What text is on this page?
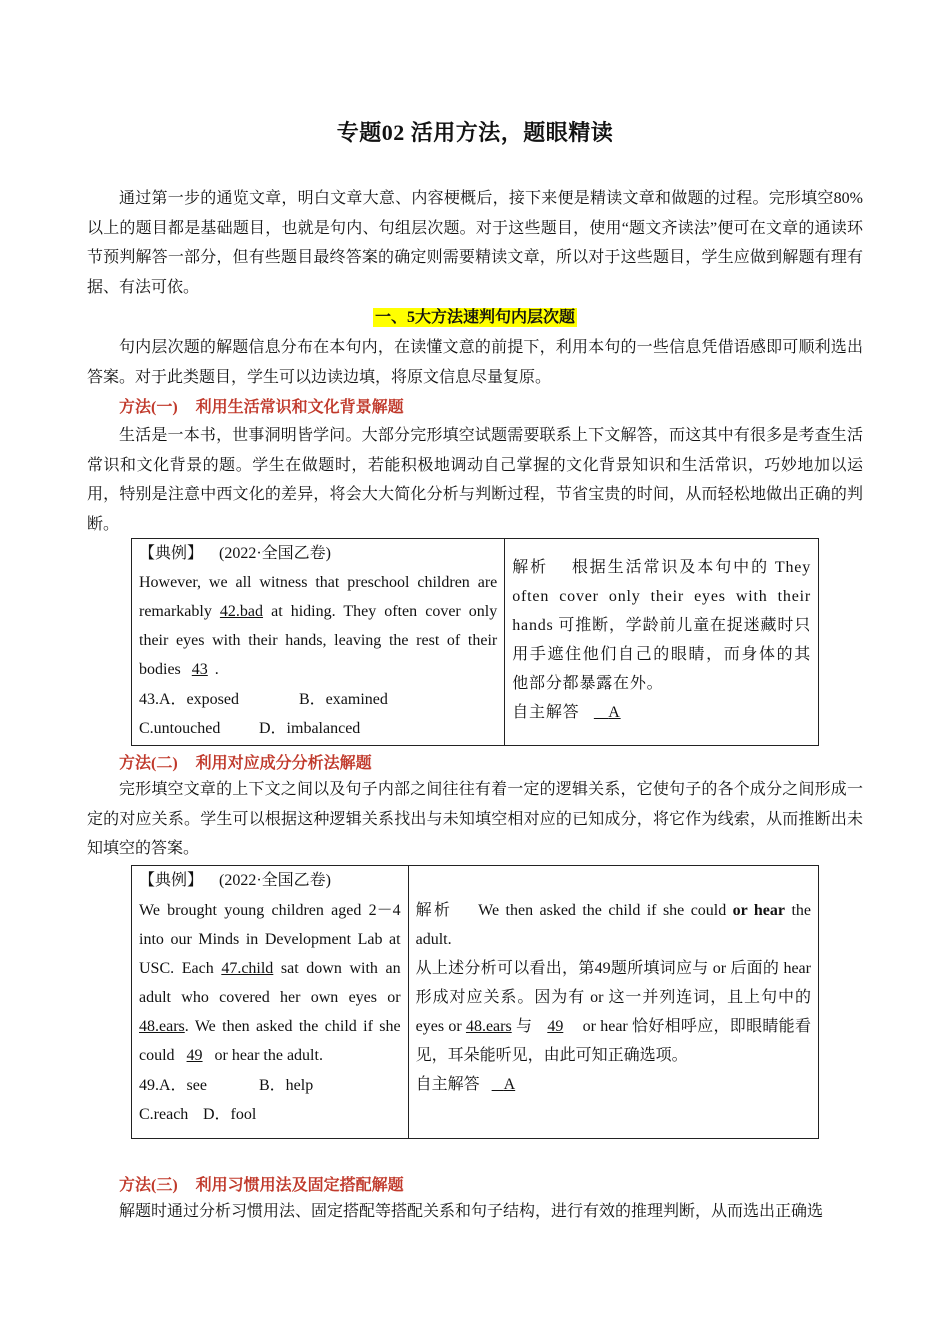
专题02 活用方法，题眼精读

通过第一步的通览文章，明白文章大意、内容梗概后，接下来便是精读文章和做题的过程。完形填空80%以上的题目都是基础题目，也就是句内、句组层次题。对于这些题目，使用“题文齐读法”便可在文章的通读环节预判解答一部分，但有些题目最终答案的确定则需要精读文章，所以对于这些题目，学生应做到解题有理有据、有法可依。

一、5大方法速判句内层次题

句内层次题的解题信息分布在本句内，在读懂文意的前提下，利用本句的一些信息凭借语感即可顺利选出答案。对于此类题目，学生可以边读边填，将原文信息尽量复原。

方法(一) 利用生活常识和文化背景解题

生活是一本书，世事洞明皆学问。大部分完形填空试题需要联系上下文解答，而这其中有很多是考查生活常识和文化背景的题。学生在做题时，若能积极地调动自己掌握的文化背景知识和生活常识，巧妙地加以运用，特别是注意中西文化的差异，将会大大简化分析与判断过程，节省宝贵的时间，从而轻松地做出正确的判断。

【典例】 (2022·全国乙卷)
However, we all witness that preschool children are remarkably 42.bad at hiding. They often cover only their eyes with their hands, leaving the rest of their bodies 43 .
43.A．exposed	B．examined
C.untouched D．imbalanced

解析 根据生活常识及本句中的 They often cover only their eyes with their hands 可推断，学龄前儿童在捉迷藏时只用手遮住他们自己的眼睛，而身体的其他部分都暴露在外。
自主解答 A
方法(二) 利用对应成分分析法解题

完形填空文章的上下文之间以及句子内部之间往往有着一定的逻辑关系，它使句子的各个成分之间形成一定的对应关系。学生可以根据这种逻辑关系找出与未知填空相对应的已知成分，将它作为线索，从而推断出未知填空的答案。

【典例】 (2022·全国乙卷)
We brought young children aged 2－4 into our Minds in Development Lab at USC. Each 47.child sat down with an adult who covered her own eyes or 48.ears. We then asked the child if she could 49 or hear the adult.
49.A．see	B．help
C.reach D．fool

解析 We then asked the child if she could or hear the adult.
从上述分析可以看出，第49题所填词应与 or 后面的 hear 形成对应关系。因为有 or 这一并列连词，且上句中的 eyes or 48.ears 与 49 or hear 恰好相呼应，即眼睛能看见，耳朵能听见，由此可知正确选项。
自主解答 A
方法(三) 利用习惯用法及固定搭配解题

解题时通过分析习惯用法、固定搭配等搭配关系和句子结构，进行有效的推理判断，从而选出正确选
